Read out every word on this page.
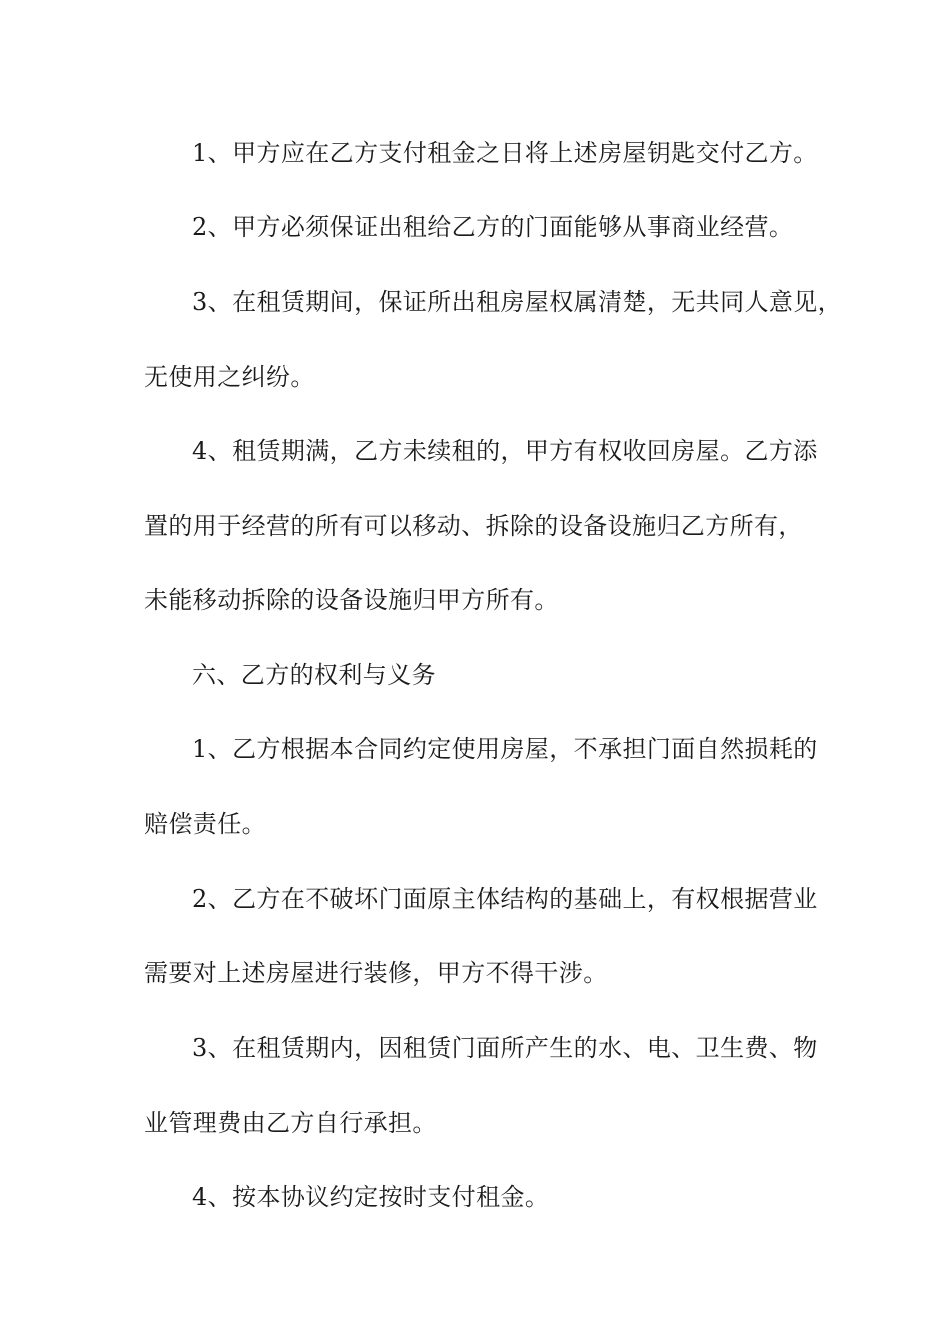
1、甲方应在乙方支付租金之日将上述房屋钥匙交付乙方。
2、甲方必须保证出租给乙方的门面能够从事商业经营。
3、在租赁期间，保证所出租房屋权属清楚，无共同人意见，
无使用之纠纷。
4、租赁期满，乙方未续租的，甲方有权收回房屋。乙方添
置的用于经营的所有可以移动、拆除的设备设施归乙方所有，
未能移动拆除的设备设施归甲方所有。
六、乙方的权利与义务
1、乙方根据本合同约定使用房屋，不承担门面自然损耗的
赔偿责任。
2、乙方在不破坏门面原主体结构的基础上，有权根据营业
需要对上述房屋进行装修，甲方不得干涉。
3、在租赁期内，因租赁门面所产生的水、电、卫生费、物
业管理费由乙方自行承担。
4、按本协议约定按时支付租金。
